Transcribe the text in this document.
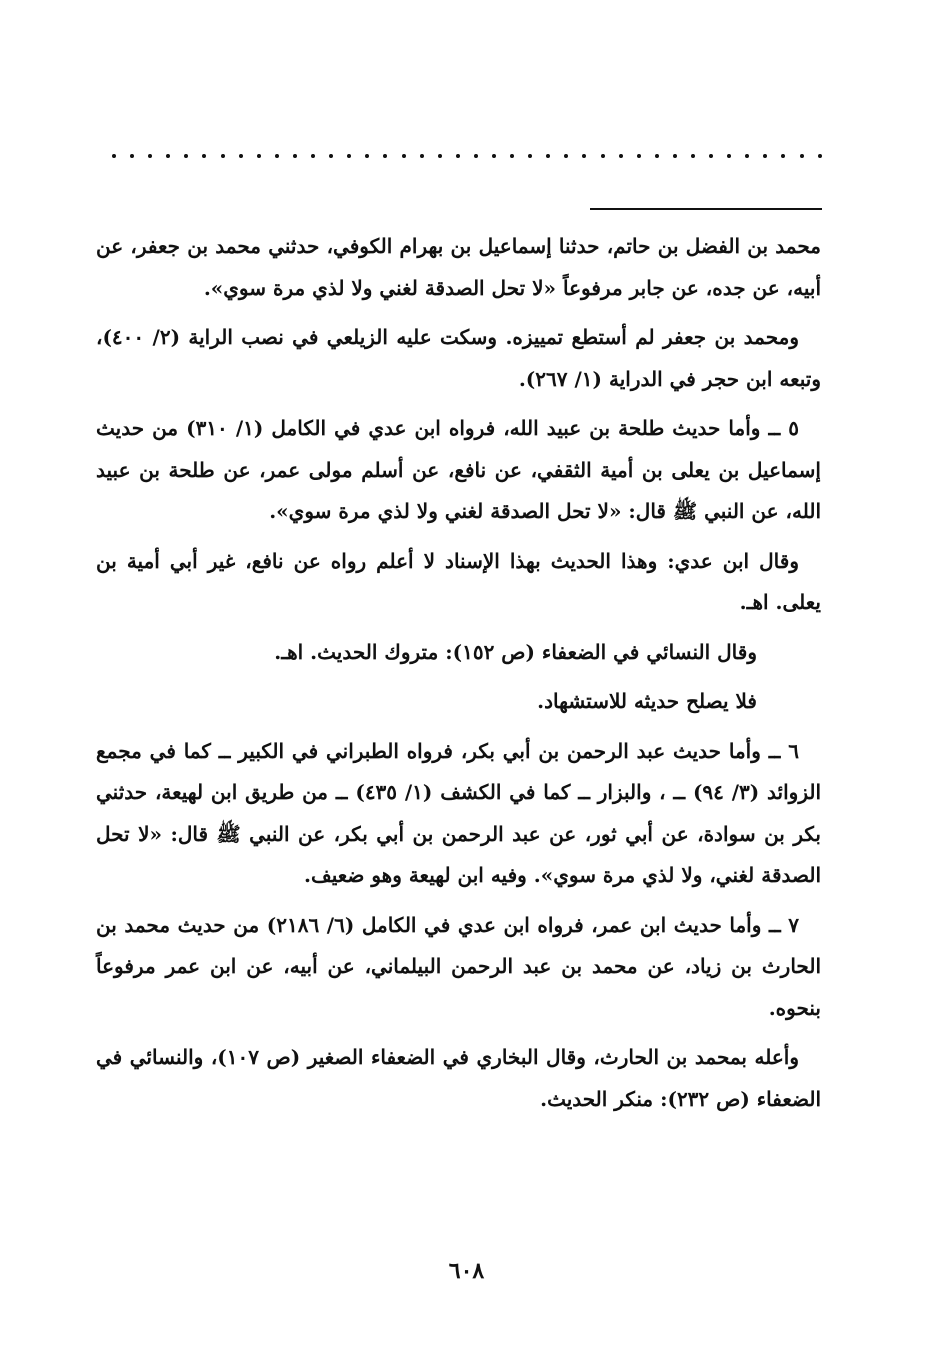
محمد بن الفضل بن حاتم، حدثنا إسماعيل بن بهرام الكوفي، حدثني محمد بن جعفر، عن أبيه، عن جده، عن جابر مرفوعاً «لا تحل الصدقة لغني ولا لذي مرة سوي».

ومحمد بن جعفر لم أستطع تمييزه. وسكت عليه الزيلعي في نصب الراية (٢/ ٤٠٠)، وتبعه ابن حجر في الدراية (١/ ٢٦٧).

٥ ــ وأما حديث طلحة بن عبيد الله، فرواه ابن عدي في الكامل (١/ ٣١٠) من حديث إسماعيل بن يعلى بن أمية الثقفي، عن نافع، عن أسلم مولى عمر، عن طلحة بن عبيد الله، عن النبي ﷺ قال: «لا تحل الصدقة لغني ولا لذي مرة سوي».

وقال ابن عدي: وهذا الحديث بهذا الإسناد لا أعلم رواه عن نافع، غير أبي أمية بن يعلى. اهـ.

وقال النسائي في الضعفاء (ص ١٥٢): متروك الحديث. اهـ.

فلا يصلح حديثه للاستشهاد.

٦ ــ وأما حديث عبد الرحمن بن أبي بكر، فرواه الطبراني في الكبير ــ كما في مجمع الزوائد (٣/ ٩٤) ــ ، والبزار ــ كما في الكشف (١/ ٤٣٥) ــ من طريق ابن لهيعة، حدثني بكر بن سوادة، عن أبي ثور، عن عبد الرحمن بن أبي بكر، عن النبي ﷺ قال: «لا تحل الصدقة لغني، ولا لذي مرة سوي». وفيه ابن لهيعة وهو ضعيف.

٧ ــ وأما حديث ابن عمر، فرواه ابن عدي في الكامل (٦/ ٢١٨٦) من حديث محمد بن الحارث بن زياد، عن محمد بن عبد الرحمن البيلماني، عن أبيه، عن ابن عمر مرفوعاً بنحوه.

وأعله بمحمد بن الحارث، وقال البخاري في الضعفاء الصغير (ص ١٠٧)، والنسائي في الضعفاء (ص ٢٣٢): منكر الحديث.

٦٠٨
